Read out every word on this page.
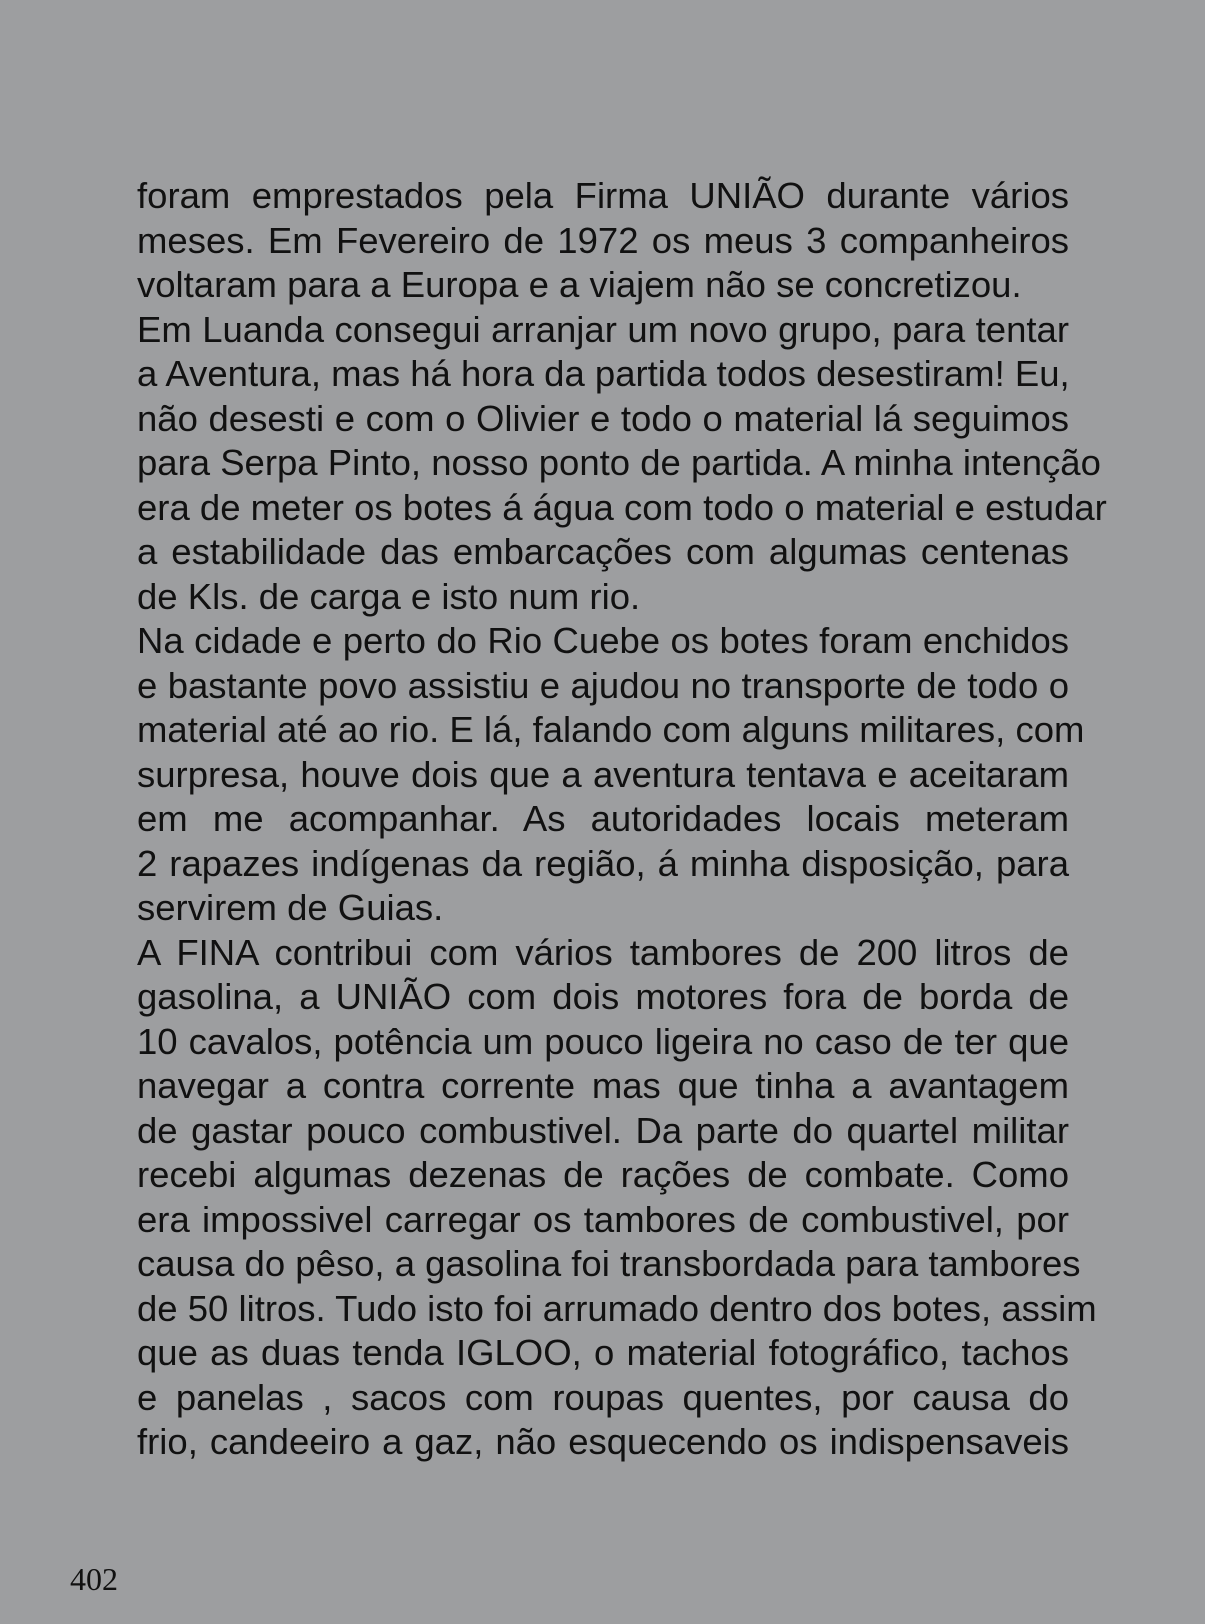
foram emprestados pela Firma UNIÃO durante vários
meses. Em Fevereiro de 1972 os meus 3 companheiros
voltaram para a Europa e a viajem não se concretizou.
Em Luanda consegui arranjar um novo grupo, para tentar
a Aventura, mas há hora da partida todos desestiram! Eu,
não desesti e com o Olivier e todo o material lá seguimos
para Serpa Pinto, nosso ponto de partida. A minha intenção
era de meter os botes á água com todo o material e estudar
a estabilidade das embarcações com algumas centenas
de Kls. de carga e isto num rio.
Na cidade e perto do Rio Cuebe os botes foram enchidos
e bastante povo assistiu e ajudou no transporte de todo o
material até ao rio. E lá, falando com alguns militares, com
surpresa, houve dois que a aventura tentava e aceitaram
em me acompanhar. As autoridades locais meteram
2 rapazes indígenas da região, á minha disposição, para
servirem de Guias.
A FINA contribui com vários tambores de 200 litros de
gasolina, a UNIÃO com dois motores fora de borda de
10 cavalos, potência um pouco ligeira no caso de ter que
navegar a contra corrente mas que tinha a avantagem
de gastar pouco combustivel. Da parte do quartel militar
recebi algumas dezenas de rações de combate. Como
era impossivel carregar os tambores de combustivel, por
causa do pêso, a gasolina foi transbordada para tambores
de 50 litros. Tudo isto foi arrumado dentro dos botes, assim
que as duas tenda IGLOO, o material fotográfico, tachos
e panelas , sacos com roupas quentes, por causa do
frio, candeeiro a gaz, não esquecendo os indispensaveis
402
